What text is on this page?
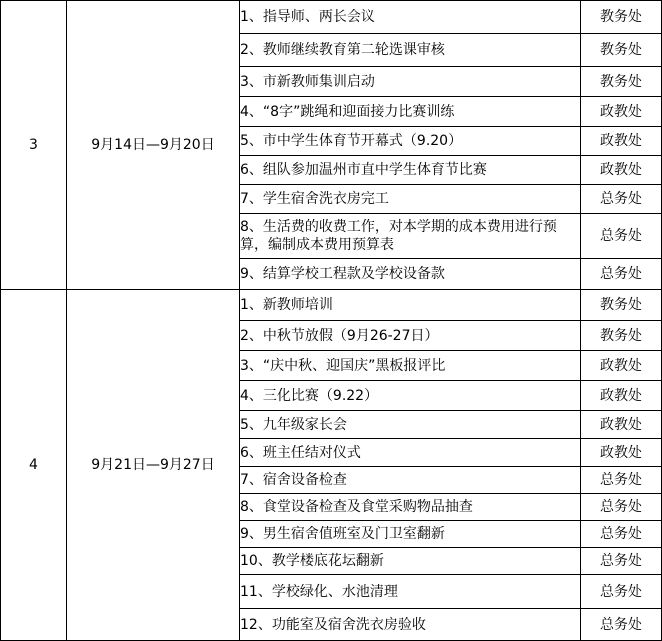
3	9月14日—9月20日	1、指导师、两长会议	教务处
		2、教师继续教育第二轮选课审核	教务处
		3、市新教师集训启动	教务处
		4、“8字”跳绳和迎面接力比赛训练	政教处
		5、市中学生体育节开幕式（9.20）	政教处
		6、组队参加温州市直中学生体育节比赛	政教处
		7、学生宿舍洗衣房完工	总务处
		8、生活费的收费工作，对本学期的成本费用进行预算，编制成本费用预算表	总务处
		9、结算学校工程款及学校设备款	总务处
4	9月21日—9月27日	1、新教师培训	教务处
		2、中秋节放假（9月26-27日）	教务处
		3、“庆中秋、迎国庆”黑板报评比	政教处
		4、三化比赛（9.22）	政教处
		5、九年级家长会	政教处
		6、班主任结对仪式	政教处
		7、宿舍设备检查	总务处
		8、食堂设备检查及食堂采购物品抽查	总务处
		9、男生宿舍值班室及门卫室翻新	总务处
		10、教学楼底花坛翻新	总务处
		11、学校绿化、水池清理	总务处
		12、功能室及宿舍洗衣房验收	总务处
